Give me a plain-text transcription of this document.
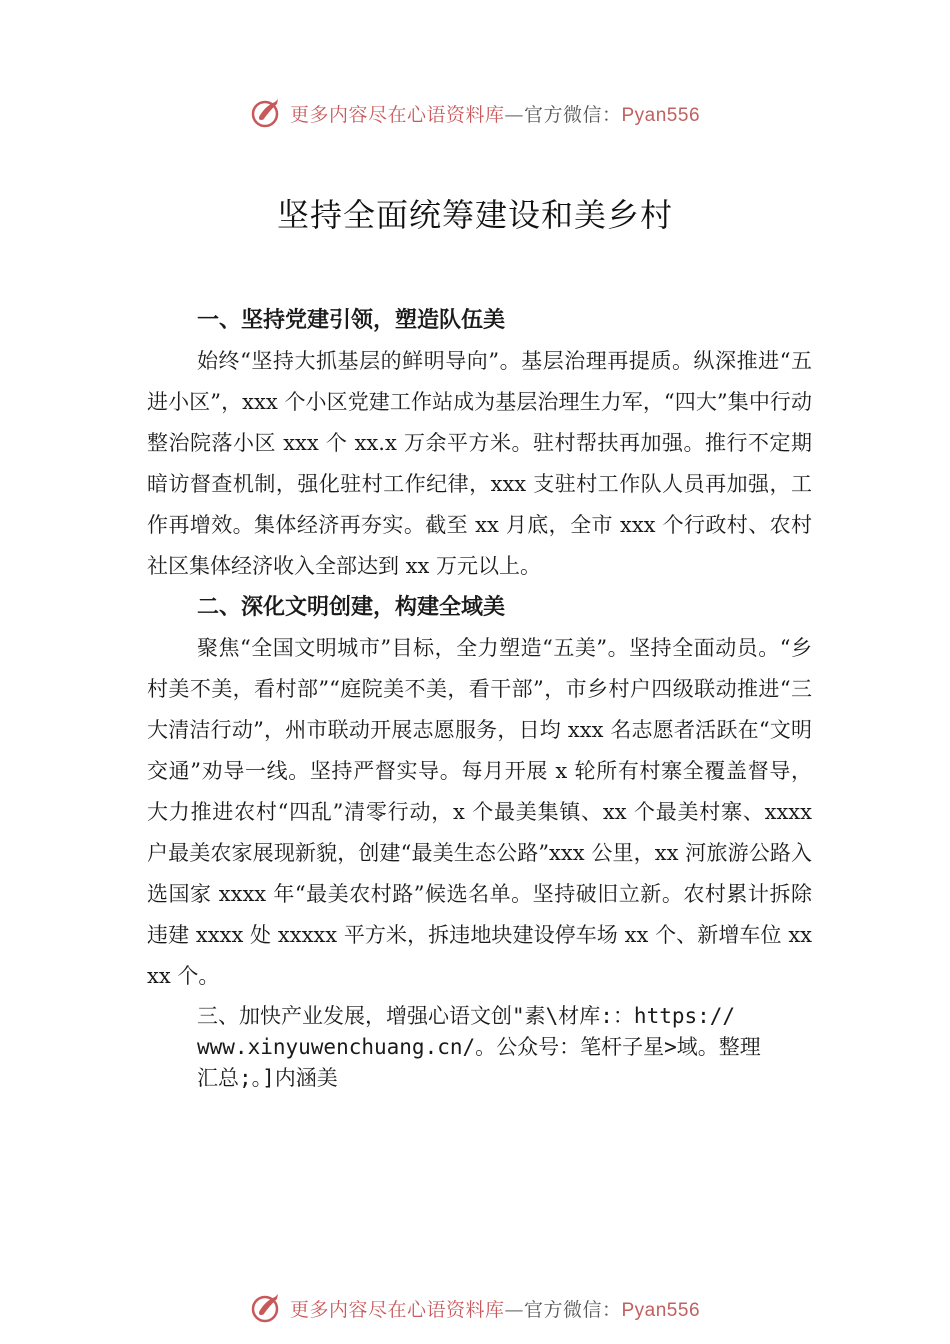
更多内容尽在心语资料库—官方微信：Pyan556
坚持全面统筹建设和美乡村

一、坚持党建引领，塑造队伍美

始终“坚持大抓基层的鲜明导向”。基层治理再提质。纵深推进“五进小区”，xxx 个小区党建工作站成为基层治理生力军，“四大”集中行动整治院落小区 xxx 个 xx.x 万余平方米。驻村帮扶再加强。推行不定期暗访督查机制，强化驻村工作纪律，xxx 支驻村工作队人员再加强，工作再增效。集体经济再夯实。截至 xx 月底，全市 xxx 个行政村、农村社区集体经济收入全部达到 xx 万元以上。

二、深化文明创建，构建全域美

聚焦“全国文明城市”目标，全力塑造“五美”。坚持全面动员。“乡村美不美，看村部”“庭院美不美，看干部”，市乡村户四级联动推进“三大清洁行动”，州市联动开展志愿服务，日均 xxx 名志愿者活跃在“文明交通”劝导一线。坚持严督实导。每月开展 x 轮所有村寨全覆盖督导，大力推进农村“四乱”清零行动，x 个最美集镇、xx 个最美村寨、xxxx 户最美农家展现新貌，创建“最美生态公路”xxx 公里，xx 河旅游公路入选国家 xxxx 年“最美农村路”候选名单。坚持破旧立新。农村累计拆除违建 xxxx 处 xxxxx 平方米，拆违地块建设停车场 xx 个、新增车位 xxxx 个。

三、加快产业发展，增强心语文创"素\材库:：https://
www.xinyuwenchuang.cn/。公众号：笔杆子星>域。整理
汇总;。]内涵美
更多内容尽在心语资料库—官方微信：Pyan556
